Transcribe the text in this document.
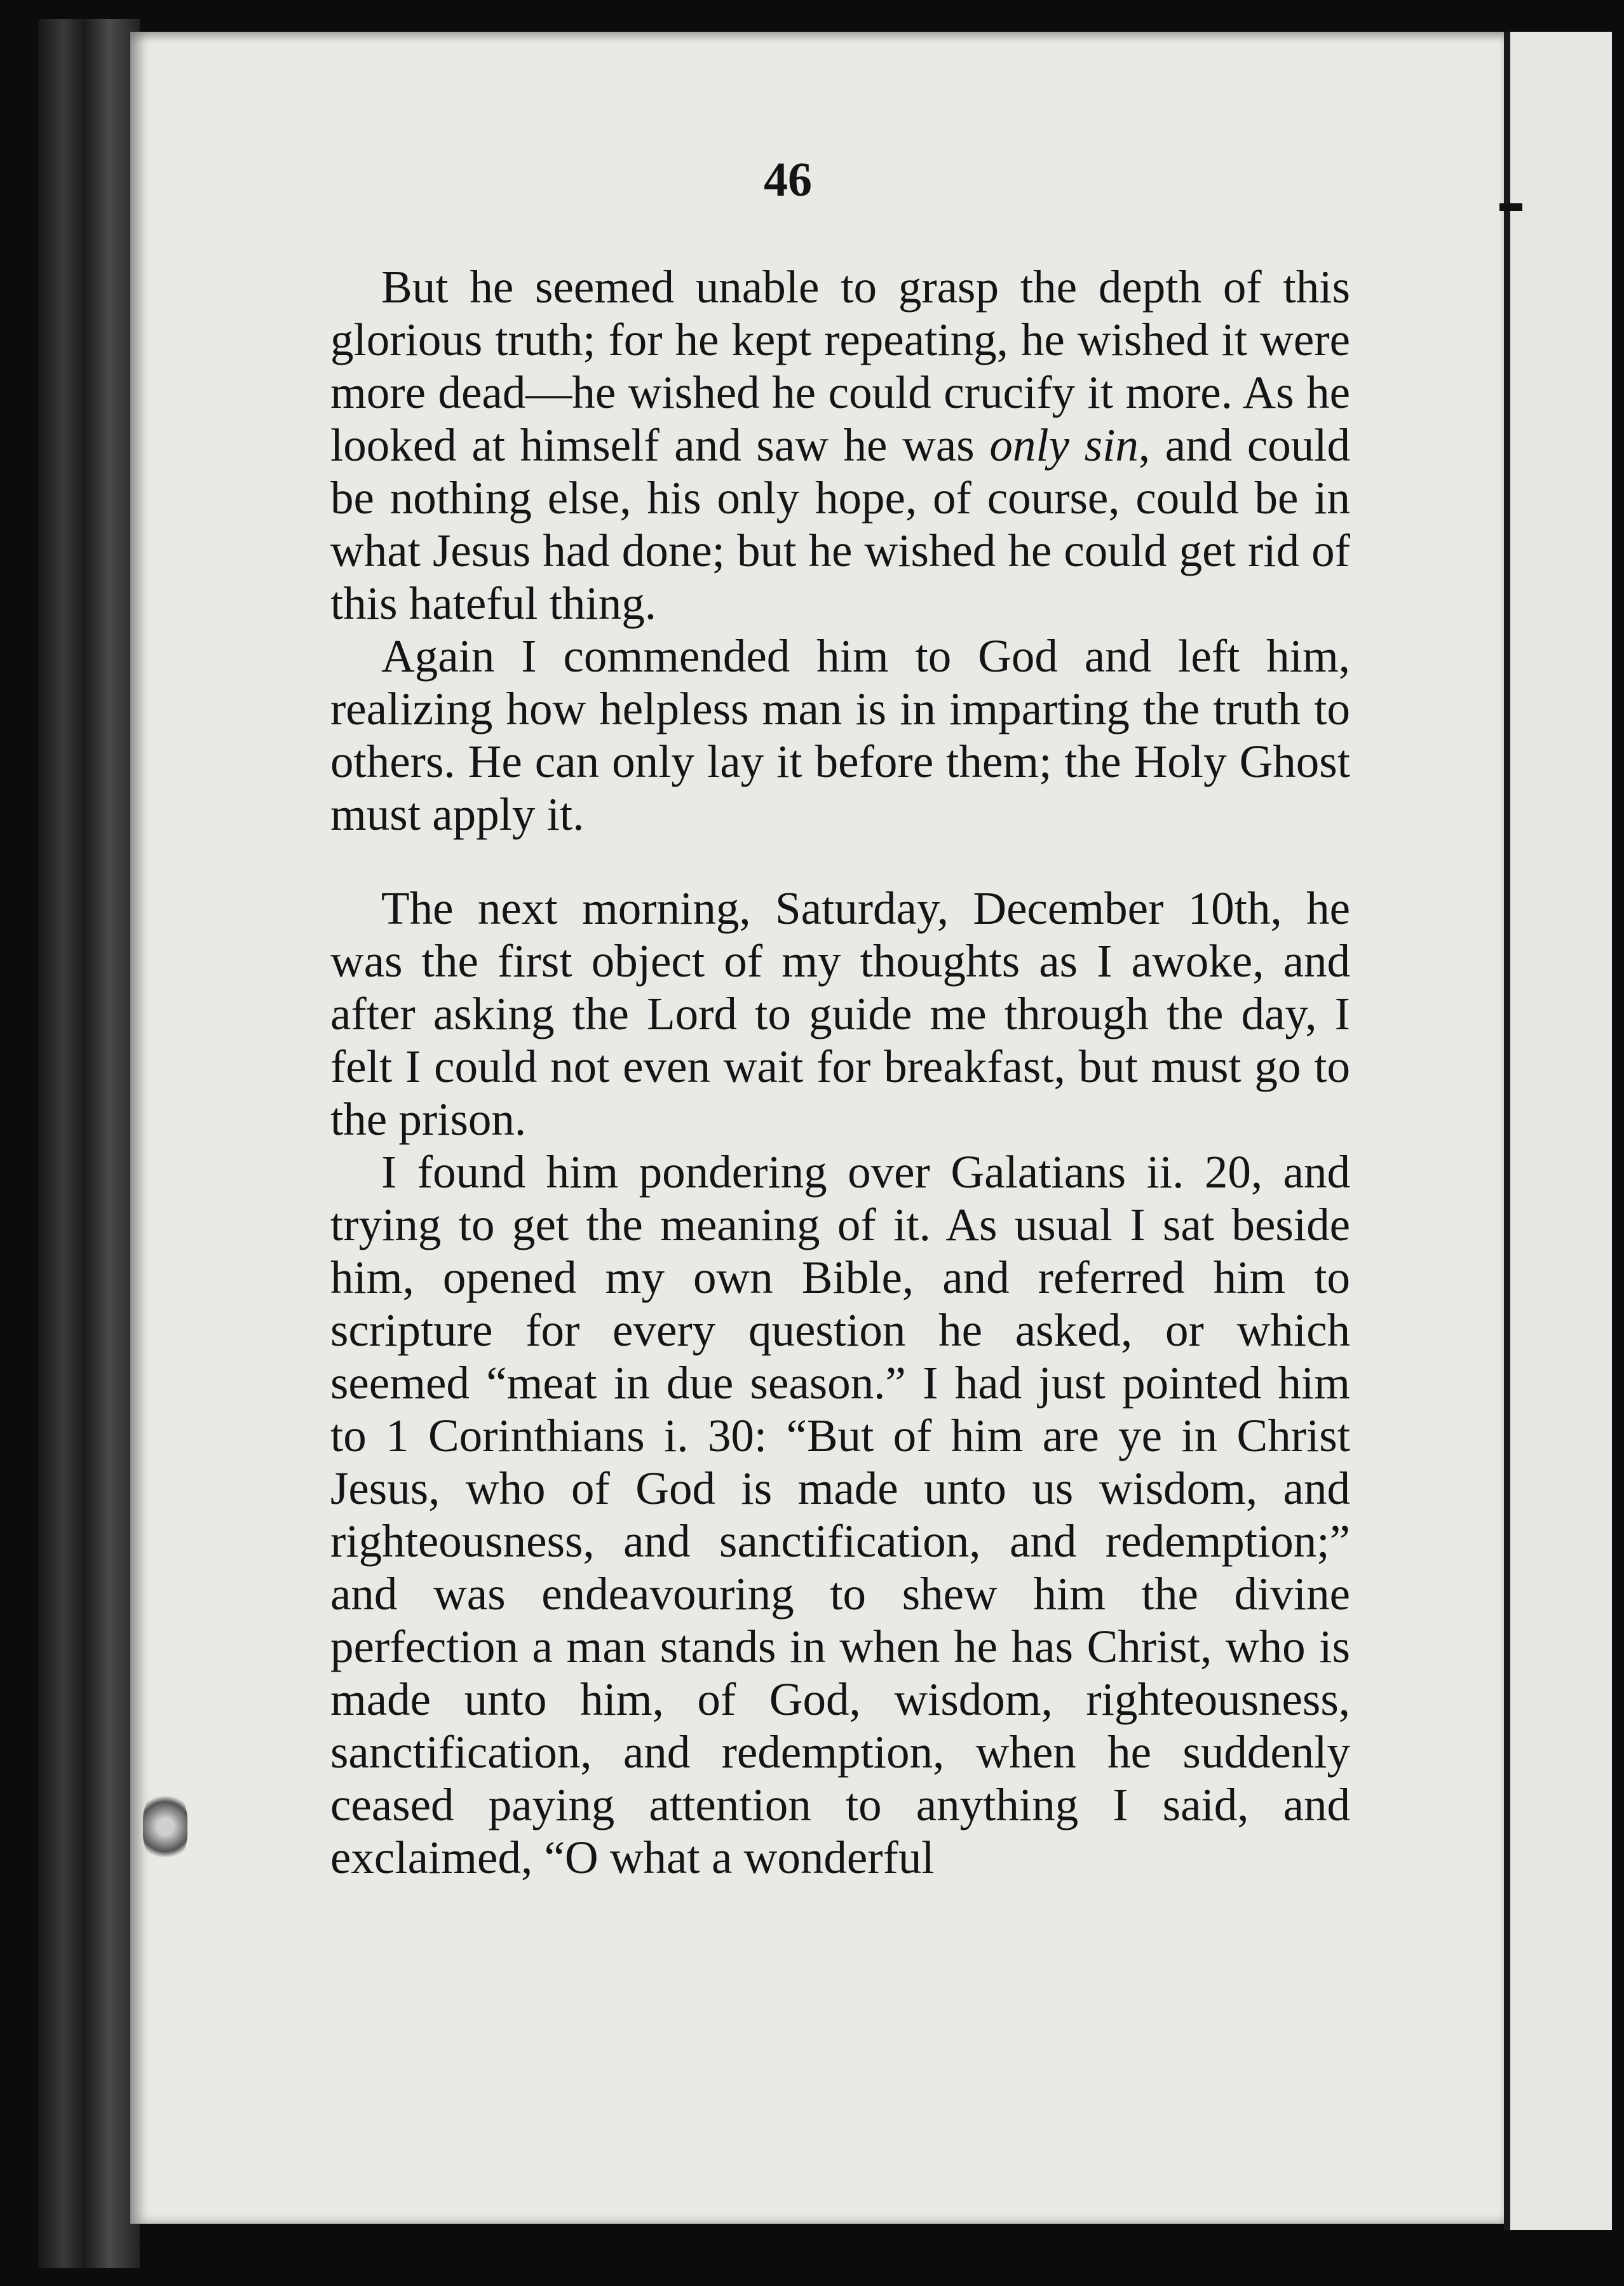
46

But he seemed unable to grasp the depth of this glorious truth; for he kept repeating, he wished it were more dead—he wished he could crucify it more. As he looked at himself and saw he was only sin, and could be nothing else, his only hope, of course, could be in what Jesus had done; but he wished he could get rid of this hateful thing.

Again I commended him to God and left him, realizing how helpless man is in imparting the truth to others. He can only lay it before them; the Holy Ghost must apply it.

The next morning, Saturday, December 10th, he was the first object of my thoughts as I awoke, and after asking the Lord to guide me through the day, I felt I could not even wait for breakfast, but must go to the prison.

I found him pondering over Galatians ii. 20, and trying to get the meaning of it. As usual I sat beside him, opened my own Bible, and referred him to scripture for every question he asked, or which seemed “meat in due season.” I had just pointed him to 1 Corinthians i. 30: “But of him are ye in Christ Jesus, who of God is made unto us wisdom, and righteousness, and sanctification, and redemption;” and was endeavouring to shew him the divine perfection a man stands in when he has Christ, who is made unto him, of God, wisdom, righteousness, sanctification, and redemption, when he suddenly ceased paying attention to anything I said, and exclaimed, “O what a wonderful
